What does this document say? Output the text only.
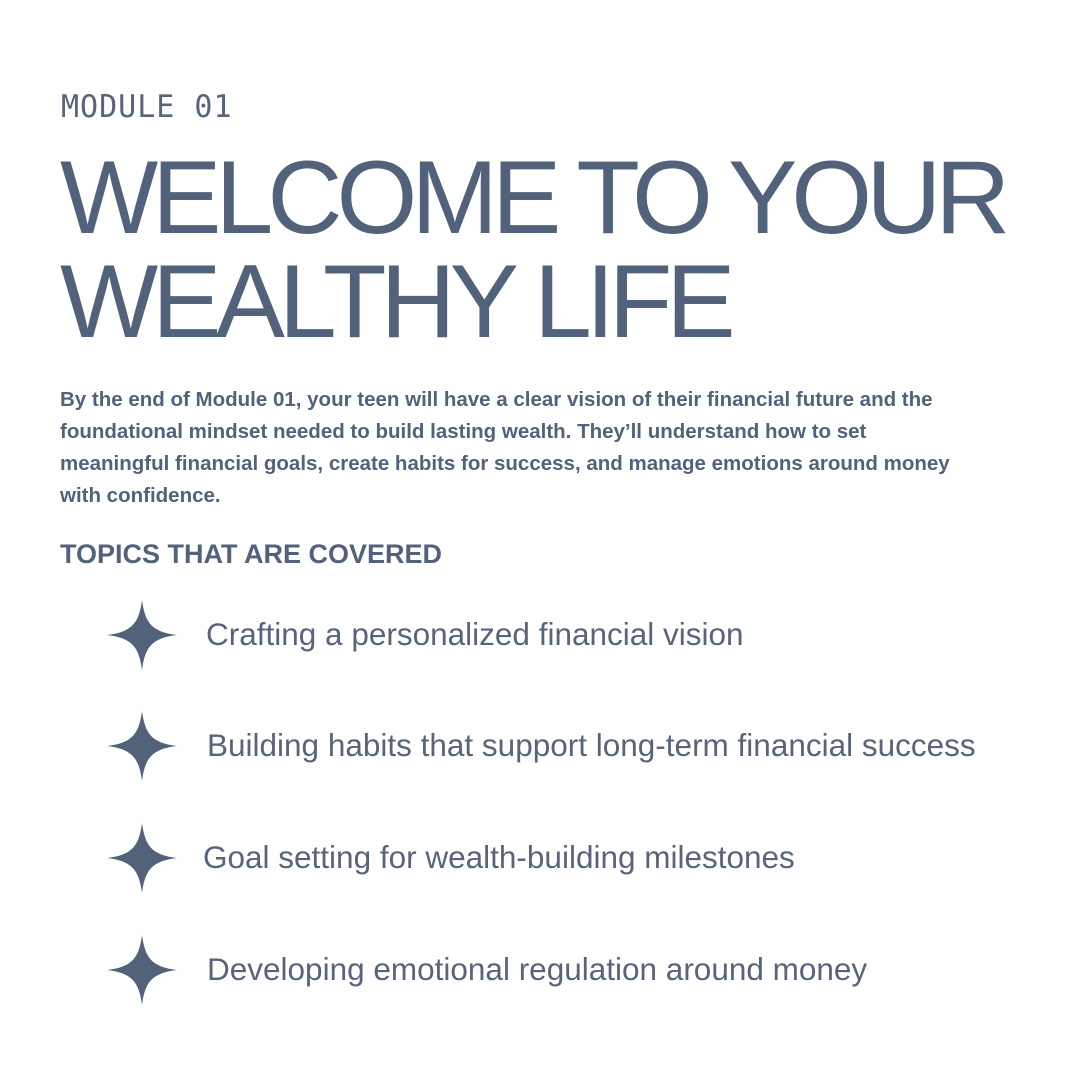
MODULE 01
WELCOME TO YOUR
WEALTHY LIFE

By the end of Module 01, your teen will have a clear vision of their financial future and the foundational mindset needed to build lasting wealth. They’ll understand how to set meaningful financial goals, create habits for success, and manage emotions around money with confidence.

TOPICS THAT ARE COVERED
Crafting a personalized financial vision
Building habits that support long-term financial success
Goal setting for wealth-building milestones
Developing emotional regulation around money
